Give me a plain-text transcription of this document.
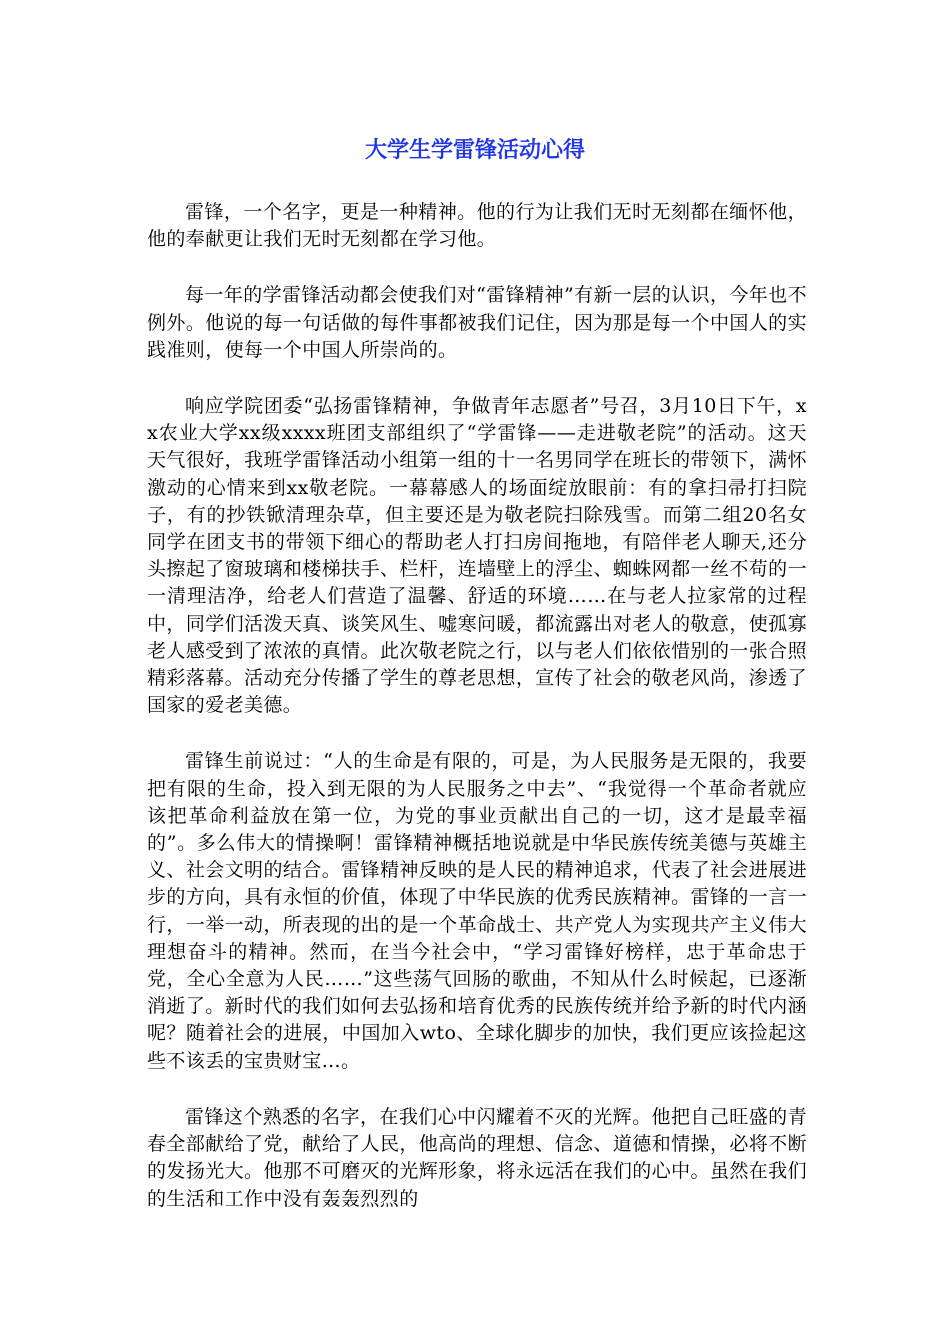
大学生学雷锋活动心得

雷锋，一个名字，更是一种精神。他的行为让我们无时无刻都在缅怀他，他的奉献更让我们无时无刻都在学习他。

每一年的学雷锋活动都会使我们对“雷锋精神”有新一层的认识，今年也不例外。他说的每一句话做的每件事都被我们记住，因为那是每一个中国人的实践准则，使每一个中国人所崇尚的。

响应学院团委“弘扬雷锋精神，争做青年志愿者”号召，3月10日下午，xx农业大学xx级xxxx班团支部组织了“学雷锋——走进敬老院”的活动。这天天气很好，我班学雷锋活动小组第一组的十一名男同学在班长的带领下，满怀激动的心情来到xx敬老院。一幕幕感人的场面绽放眼前：有的拿扫帚打扫院子，有的抄铁锨清理杂草，但主要还是为敬老院扫除残雪。而第二组20名女同学在团支书的带领下细心的帮助老人打扫房间拖地，有陪伴老人聊天,还分头擦起了窗玻璃和楼梯扶手、栏杆，连墙壁上的浮尘、蜘蛛网都一丝不苟的一一清理洁净，给老人们营造了温馨、舒适的环境……在与老人拉家常的过程中，同学们活泼天真、谈笑风生、嘘寒问暖，都流露出对老人的敬意，使孤寡老人感受到了浓浓的真情。此次敬老院之行，以与老人们依依惜别的一张合照精彩落幕。活动充分传播了学生的尊老思想，宣传了社会的敬老风尚，渗透了国家的爱老美德。

雷锋生前说过：“人的生命是有限的，可是，为人民服务是无限的，我要把有限的生命，投入到无限的为人民服务之中去”、“我觉得一个革命者就应该把革命利益放在第一位，为党的事业贡献出自己的一切，这才是最幸福的”。多么伟大的情操啊！雷锋精神概括地说就是中华民族传统美德与英雄主义、社会文明的结合。雷锋精神反映的是人民的精神追求，代表了社会进展进步的方向，具有永恒的价值，体现了中华民族的优秀民族精神。雷锋的一言一行，一举一动，所表现的出的是一个革命战士、共产党人为实现共产主义伟大理想奋斗的精神。然而，在当今社会中，“学习雷锋好榜样，忠于革命忠于党，全心全意为人民……”这些荡气回肠的歌曲，不知从什么时候起，已逐渐消逝了。新时代的我们如何去弘扬和培育优秀的民族传统并给予新的时代内涵呢？随着社会的进展，中国加入wto、全球化脚步的加快，我们更应该捡起这些不该丢的宝贵财宝…。

雷锋这个熟悉的名字，在我们心中闪耀着不灭的光辉。他把自己旺盛的青春全部献给了党，献给了人民，他高尚的理想、信念、道德和情操，必将不断的发扬光大。他那不可磨灭的光辉形象，将永远活在我们的心中。虽然在我们的生活和工作中没有轰轰烈烈的
